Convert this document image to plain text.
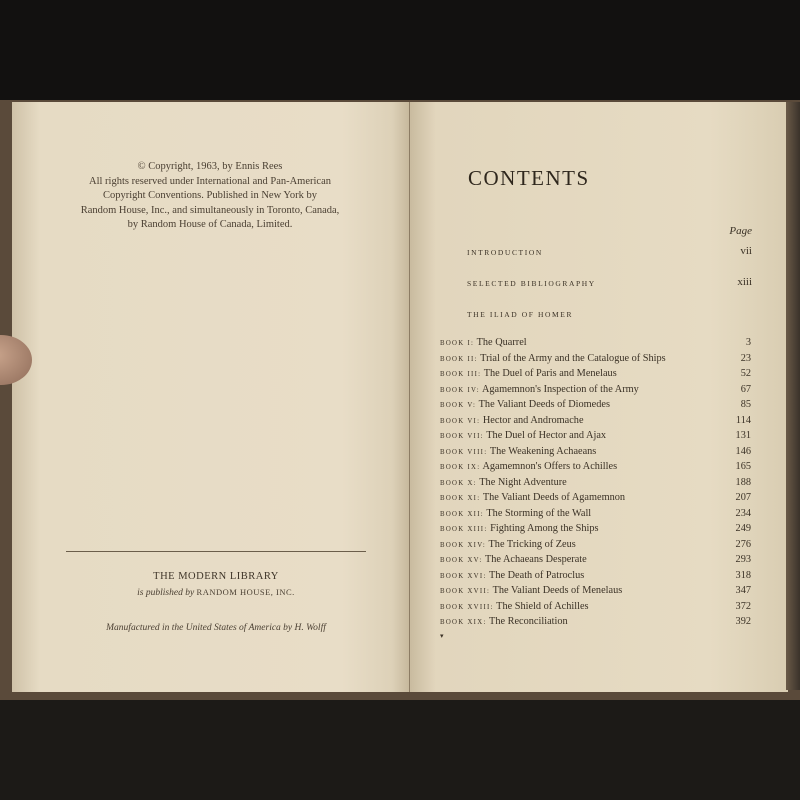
© Copyright, 1963, by Ennis Rees
All rights reserved under International and Pan-American
Copyright Conventions. Published in New York by
Random House, Inc., and simultaneously in Toronto, Canada,
by Random House of Canada, Limited.
THE MODERN LIBRARY
is published by RANDOM HOUSE, INC.
Manufactured in the United States of America by H. Wolff
CONTENTS
Page
INTRODUCTION	vii
SELECTED BIBLIOGRAPHY	xiii
THE ILIAD OF HOMER
BOOK I: The Quarrel	3
BOOK II: Trial of the Army and the Catalogue of Ships	23
BOOK III: The Duel of Paris and Menelaus	52
BOOK IV: Agamemnon's Inspection of the Army	67
BOOK V: The Valiant Deeds of Diomedes	85
BOOK VI: Hector and Andromache	114
BOOK VII: The Duel of Hector and Ajax	131
BOOK VIII: The Weakening Achaeans	146
BOOK IX: Agamemnon's Offers to Achilles	165
BOOK X: The Night Adventure	188
BOOK XI: The Valiant Deeds of Agamemnon	207
BOOK XII: The Storming of the Wall	234
BOOK XIII: Fighting Among the Ships	249
BOOK XIV: The Tricking of Zeus	276
BOOK XV: The Achaeans Desperate	293
BOOK XVI: The Death of Patroclus	318
BOOK XVII: The Valiant Deeds of Menelaus	347
BOOK XVIII: The Shield of Achilles	372
BOOK XIX: The Reconciliation	392
▾
